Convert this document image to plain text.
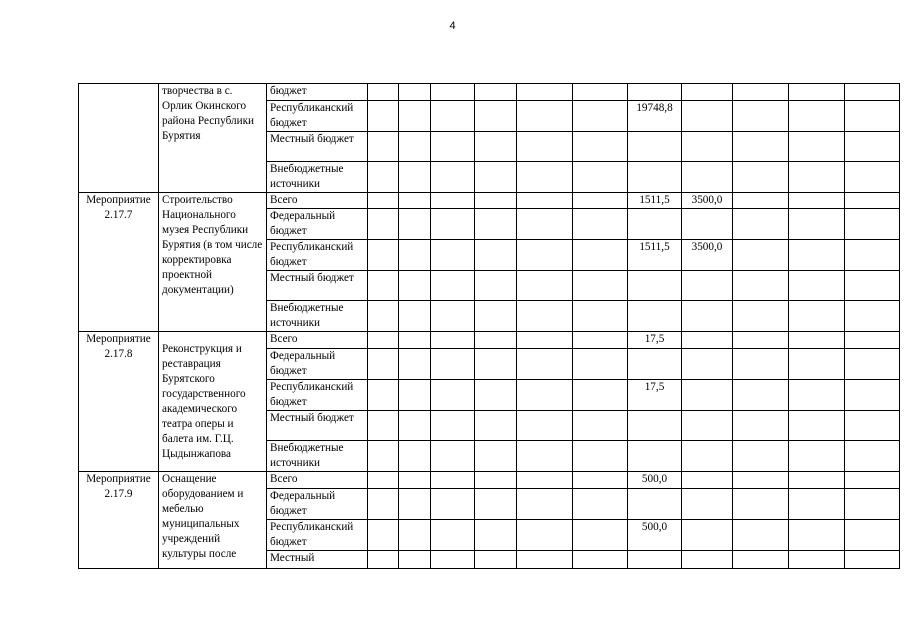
4
	творчества в с. Орлик Окинского района Республики Бурятия	бюджет											
		Республиканский бюджет							19748,8				
		Местный бюджет											
		Внебюджетные источники											
Мероприятие 2.17.7	Строительство Национального музея Республики Бурятия (в том числе корректировка проектной документации)	Всего							1511,5	3500,0			
		Федеральный бюджет											
		Республиканский бюджет							1511,5	3500,0			
		Местный бюджет											
		Внебюджетные источники											
Мероприятие 2.17.8	Реконструкция и реставрация Бурятского государственного академического театра оперы и балета им. Г.Ц. Цыдынжапова	Всего							17,5				
		Федеральный бюджет											
		Республиканский бюджет							17,5				
		Местный бюджет											
		Внебюджетные источники											
Мероприятие 2.17.9	Оснащение оборудованием и мебелью муниципальных учреждений культуры после	Всего							500,0				
		Федеральный бюджет											
		Республиканский бюджет							500,0				
		Местный											
